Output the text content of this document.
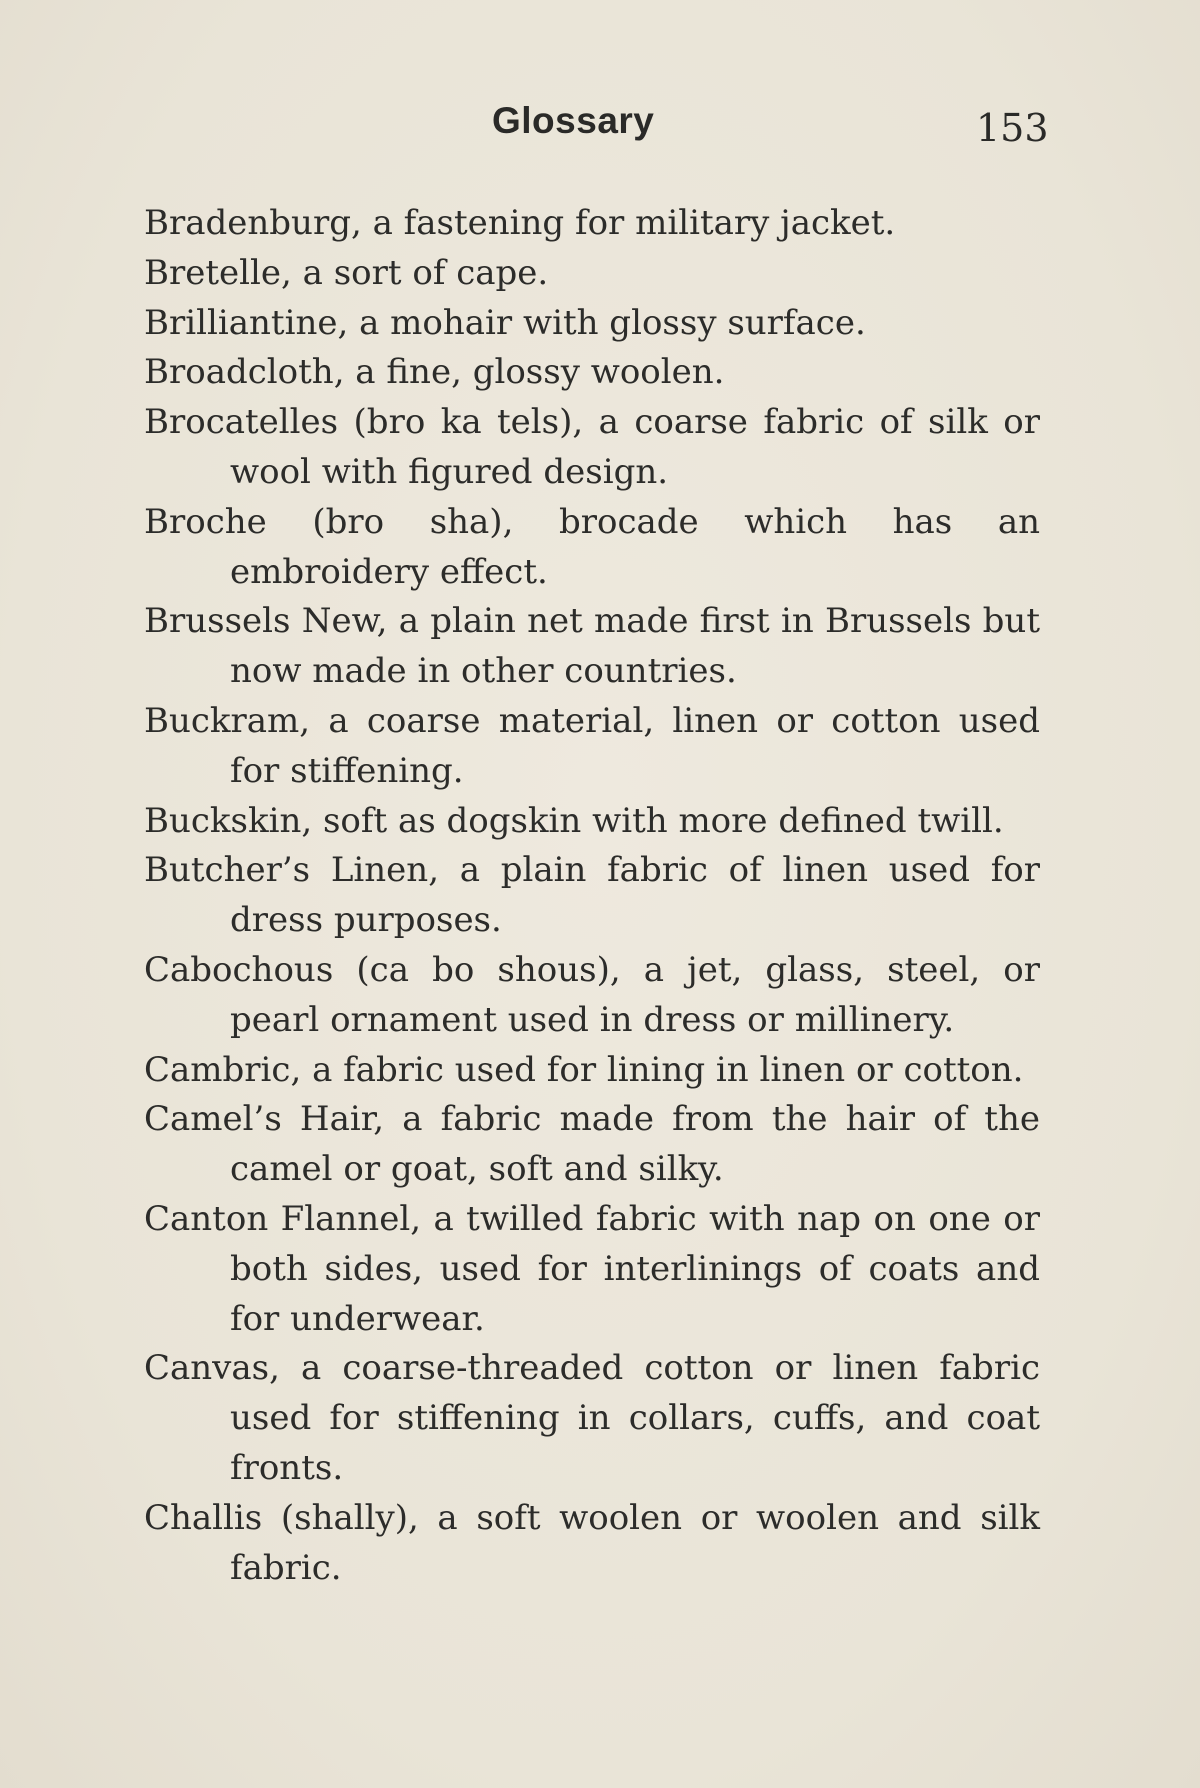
Glossary	153
Bradenburg, a fastening for military jacket.
Bretelle, a sort of cape.
Brilliantine, a mohair with glossy surface.
Broadcloth, a fine, glossy woolen.
Brocatelles (bro ka tels), a coarse fabric of silk or wool with figured design.
Broche (bro sha), brocade which has an embroidery effect.
Brussels New, a plain net made first in Brussels but now made in other countries.
Buckram, a coarse material, linen or cotton used for stiffening.
Buckskin, soft as dogskin with more defined twill.
Butcher’s Linen, a plain fabric of linen used for dress purposes.
Cabochous (ca bo shous), a jet, glass, steel, or pearl ornament used in dress or millinery.
Cambric, a fabric used for lining in linen or cotton.
Camel’s Hair, a fabric made from the hair of the camel or goat, soft and silky.
Canton Flannel, a twilled fabric with nap on one or both sides, used for interlinings of coats and for underwear.
Canvas, a coarse-threaded cotton or linen fabric used for stiffening in collars, cuffs, and coat fronts.
Challis (shally), a soft woolen or woolen and silk fabric.
